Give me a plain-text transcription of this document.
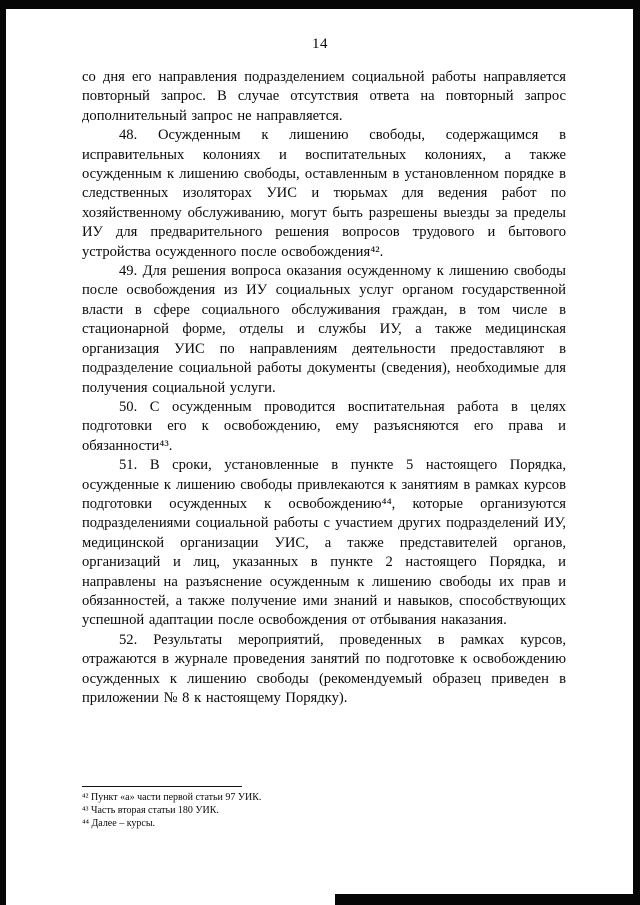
14

со дня его направления подразделением социальной работы направляется повторный запрос. В случае отсутствия ответа на повторный запрос дополнительный запрос не направляется.

48. Осужденным к лишению свободы, содержащимся в исправительных колониях и воспитательных колониях, а также осужденным к лишению свободы, оставленным в установленном порядке в следственных изоляторах УИС и тюрьмах для ведения работ по хозяйственному обслуживанию, могут быть разрешены выезды за пределы ИУ для предварительного решения вопросов трудового и бытового устройства осужденного после освобождения⁴².

49. Для решения вопроса оказания осужденному к лишению свободы после освобождения из ИУ социальных услуг органом государственной власти в сфере социального обслуживания граждан, в том числе в стационарной форме, отделы и службы ИУ, а также медицинская организация УИС по направлениям деятельности предоставляют в подразделение социальной работы документы (сведения), необходимые для получения социальной услуги.

50. С осужденным проводится воспитательная работа в целях подготовки его к освобождению, ему разъясняются его права и обязанности⁴³.

51. В сроки, установленные в пункте 5 настоящего Порядка, осужденные к лишению свободы привлекаются к занятиям в рамках курсов подготовки осужденных к освобождению⁴⁴, которые организуются подразделениями социальной работы с участием других подразделений ИУ, медицинской организации УИС, а также представителей органов, организаций и лиц, указанных в пункте 2 настоящего Порядка, и направлены на разъяснение осужденным к лишению свободы их прав и обязанностей, а также получение ими знаний и навыков, способствующих успешной адаптации после освобождения от отбывания наказания.

52. Результаты мероприятий, проведенных в рамках курсов, отражаются в журнале проведения занятий по подготовке к освобождению осужденных к лишению свободы (рекомендуемый образец приведен в приложении № 8 к настоящему Порядку).

⁴² Пункт «а» части первой статьи 97 УИК.

⁴³ Часть вторая статьи 180 УИК.

⁴⁴ Далее – курсы.
